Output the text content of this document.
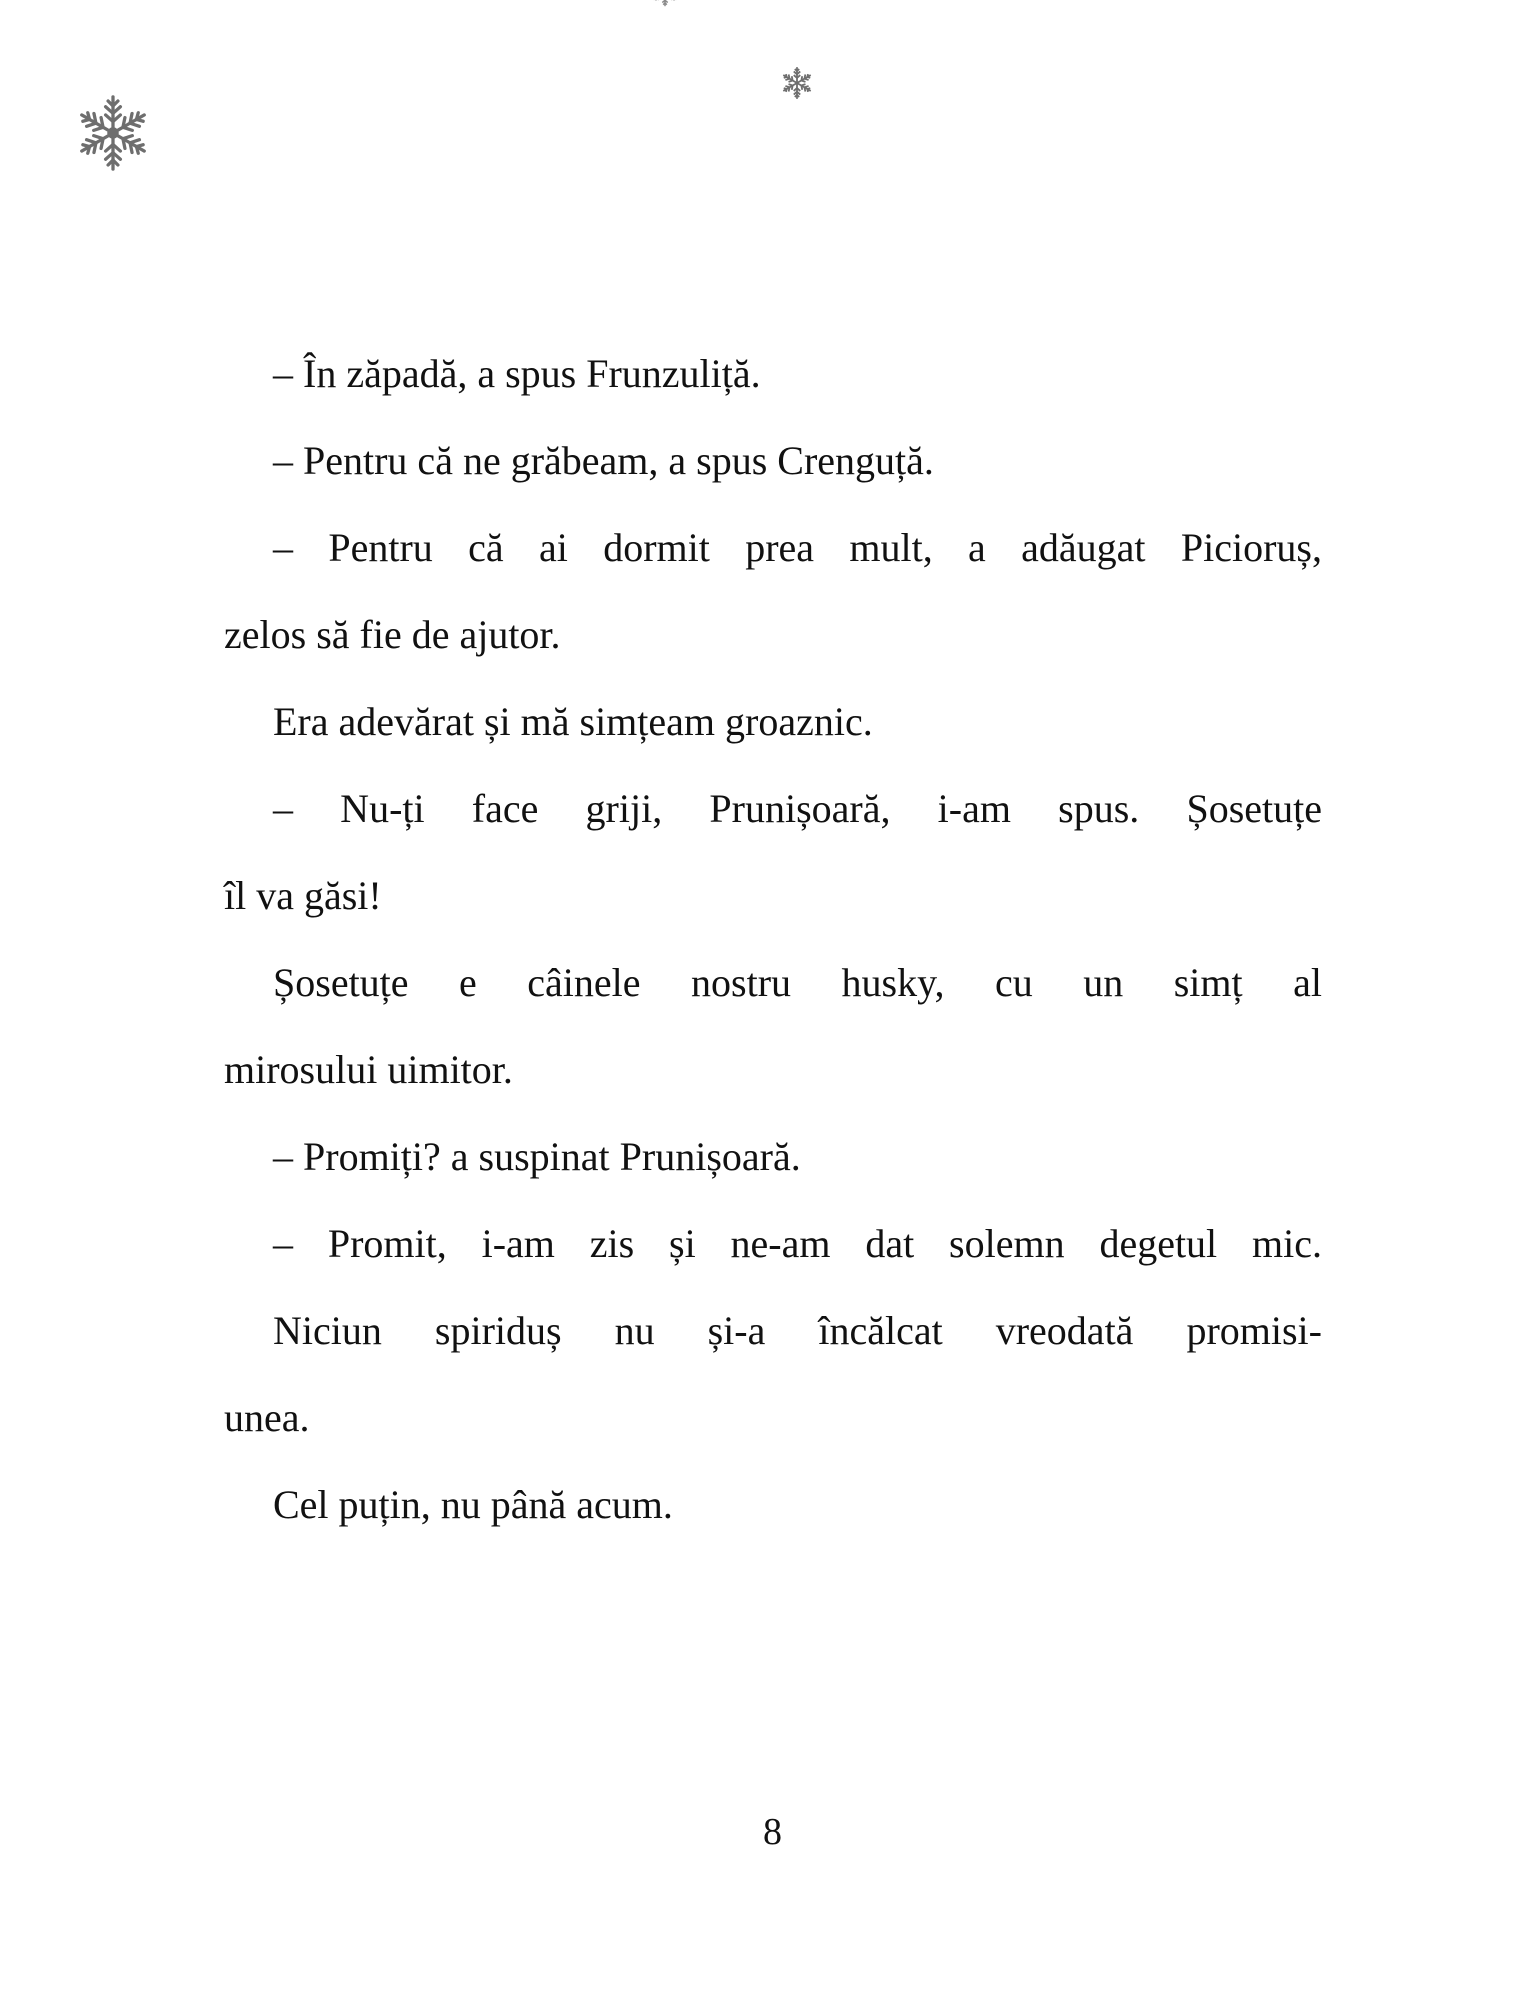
– În zăpadă, a spus Frunzuliță.
– Pentru că ne grăbeam, a spus Crenguță.
– Pentru că ai dormit prea mult, a adăugat Picioruș,
zelos să fie de ajutor.
Era adevărat și mă simțeam groaznic.
– Nu-ți face griji, Prunișoară, i-am spus. Șosetuțe
îl va găsi!
Șosetuțe e câinele nostru husky, cu un simț al
mirosului uimitor.
– Promiți? a suspinat Prunișoară.
– Promit, i-am zis și ne-am dat solemn degetul mic.
Niciun spiriduș nu și-a încălcat vreodată promisi-
unea.
Cel puțin, nu până acum.
8
